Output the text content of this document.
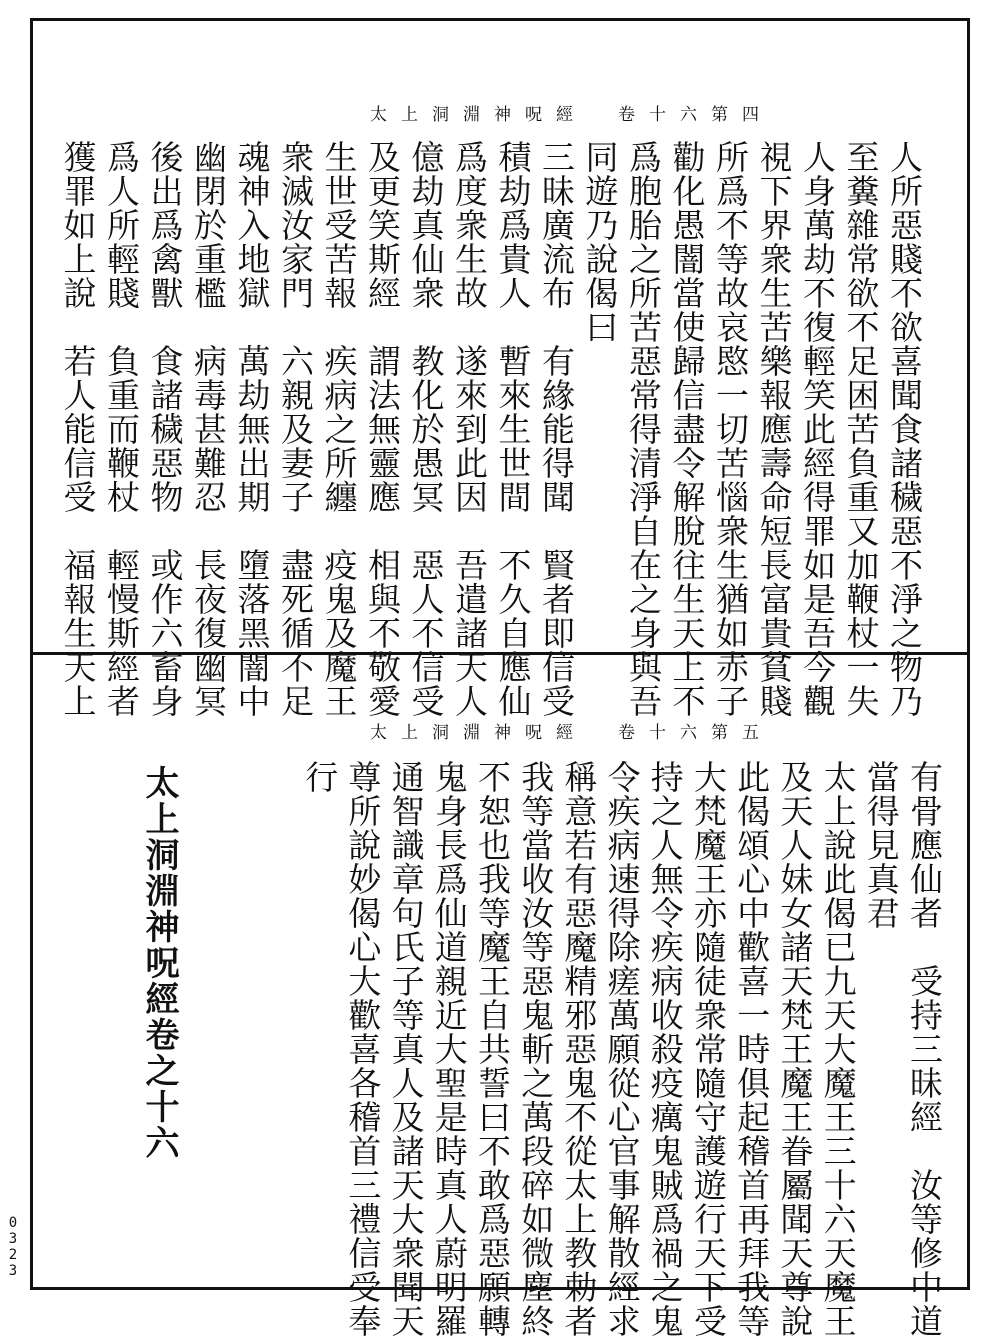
太上洞淵神呪經　卷十六第四
人所惡賤不欲喜聞食諸穢惡不淨之物乃
至糞雜常欲不足困苦負重又加鞭杖一失
人身萬劫不復輕笑此經得罪如是吾今觀
視下界衆生苦樂報應壽命短長富貴貧賤
所爲不等故哀愍一切苦惱衆生猶如赤子
勸化愚闇當使歸信盡令解脫往生天上不
爲胞胎之所苦惡常得清淨自在之身與吾
同遊乃說偈曰
三昧廣流布　有緣能得聞　賢者即信受
積劫爲貴人　暫來生世間　不久自應仙
爲度衆生故　遂來到此因　吾遣諸天人
億劫真仙衆　教化於愚冥　惡人不信受
及更笑斯經　謂法無靈應　相與不敬愛
生世受苦報　疾病之所纏　疫鬼及魔王
衆滅汝家門　六親及妻子　盡死循不足
魂神入地獄　萬劫無出期　墮落黑闇中
幽閉於重檻　病毒甚難忍　長夜復幽冥
後出爲禽獸　食諸穢惡物　或作六畜身
爲人所輕賤　負重而鞭杖　輕慢斯經者
獲罪如上說　若人能信受　福報生天上
太上洞淵神呪經　卷十六第五
有骨應仙者　受持三昧經　汝等修中道
當得見真君
太上說此偈已九天大魔王三十六天魔王
及天人妹女諸天梵王魔王眷屬聞天尊說
此偈頌心中歡喜一時俱起稽首再拜我等
大梵魔王亦隨徒衆常隨守護遊行天下受
持之人無令疾病收殺疫癘鬼賊爲禍之鬼
令疾病速得除瘥萬願從心官事解散經求
稱意若有惡魔精邪惡鬼不從太上教勅者
我等當收汝等惡鬼斬之萬段碎如微塵終
不恕也我等魔王自共誓曰不敢爲惡願轉
鬼身長爲仙道親近大聖是時真人蔚明羅
通智識章句氏子等真人及諸天大衆聞天
尊所說妙偈心大歡喜各稽首三禮信受奉
行
太上洞淵神呪經卷之十六
0323
